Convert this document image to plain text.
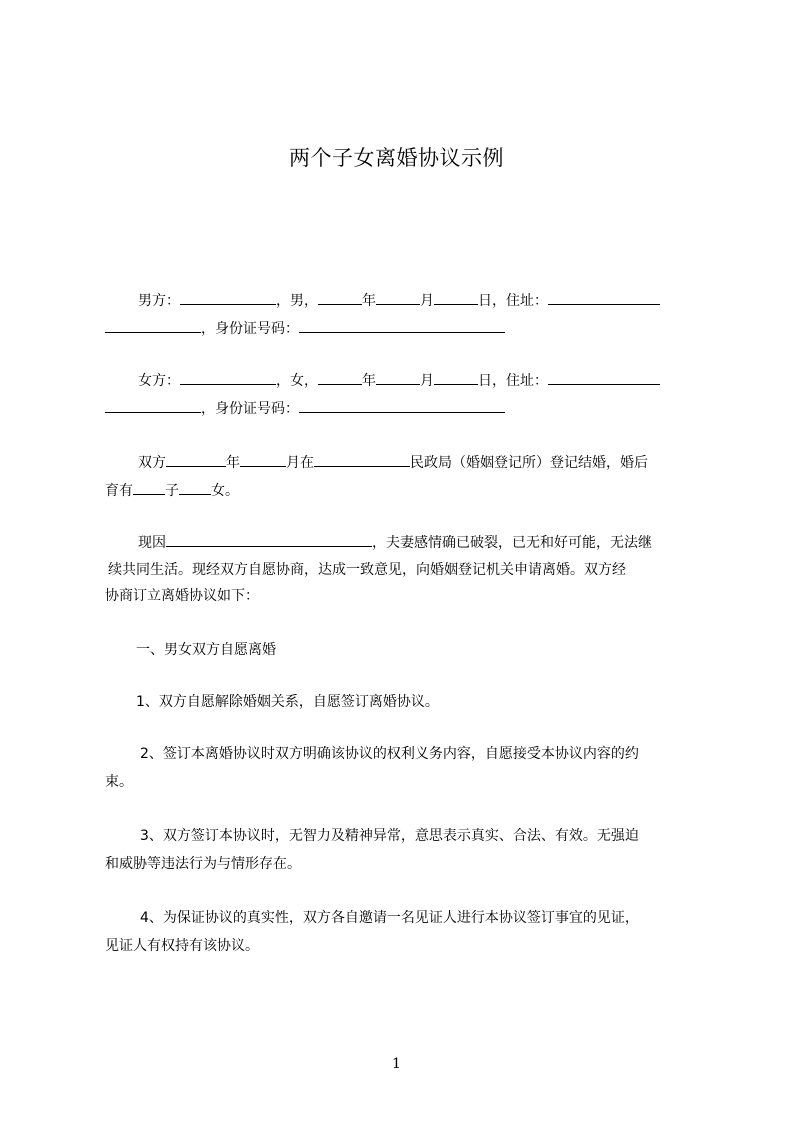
两个子女离婚协议示例
男方：	，男，	年	月	日，住址：
，身份证号码：
女方：	，女，	年	月	日，住址：
，身份证号码：
双方	年	月在	民政局（婚姻登记所）登记结婚，婚后
育有 子 女。
现因	，夫妻感情确已破裂，已无和好可能，无法继
续共同生活。现经双方自愿协商，达成一致意见，向婚姻登记机关申请离婚。双方经
协商订立离婚协议如下：
一、男女双方自愿离婚
1、双方自愿解除婚姻关系，自愿签订离婚协议。
2、签订本离婚协议时双方明确该协议的权利义务内容，自愿接受本协议内容的约
束。
3、双方签订本协议时，无智力及精神异常，意思表示真实、合法、有效。无强迫
和威胁等违法行为与情形存在。
4、为保证协议的真实性，双方各自邀请一名见证人进行本协议签订事宜的见证，
见证人有权持有该协议。
1
